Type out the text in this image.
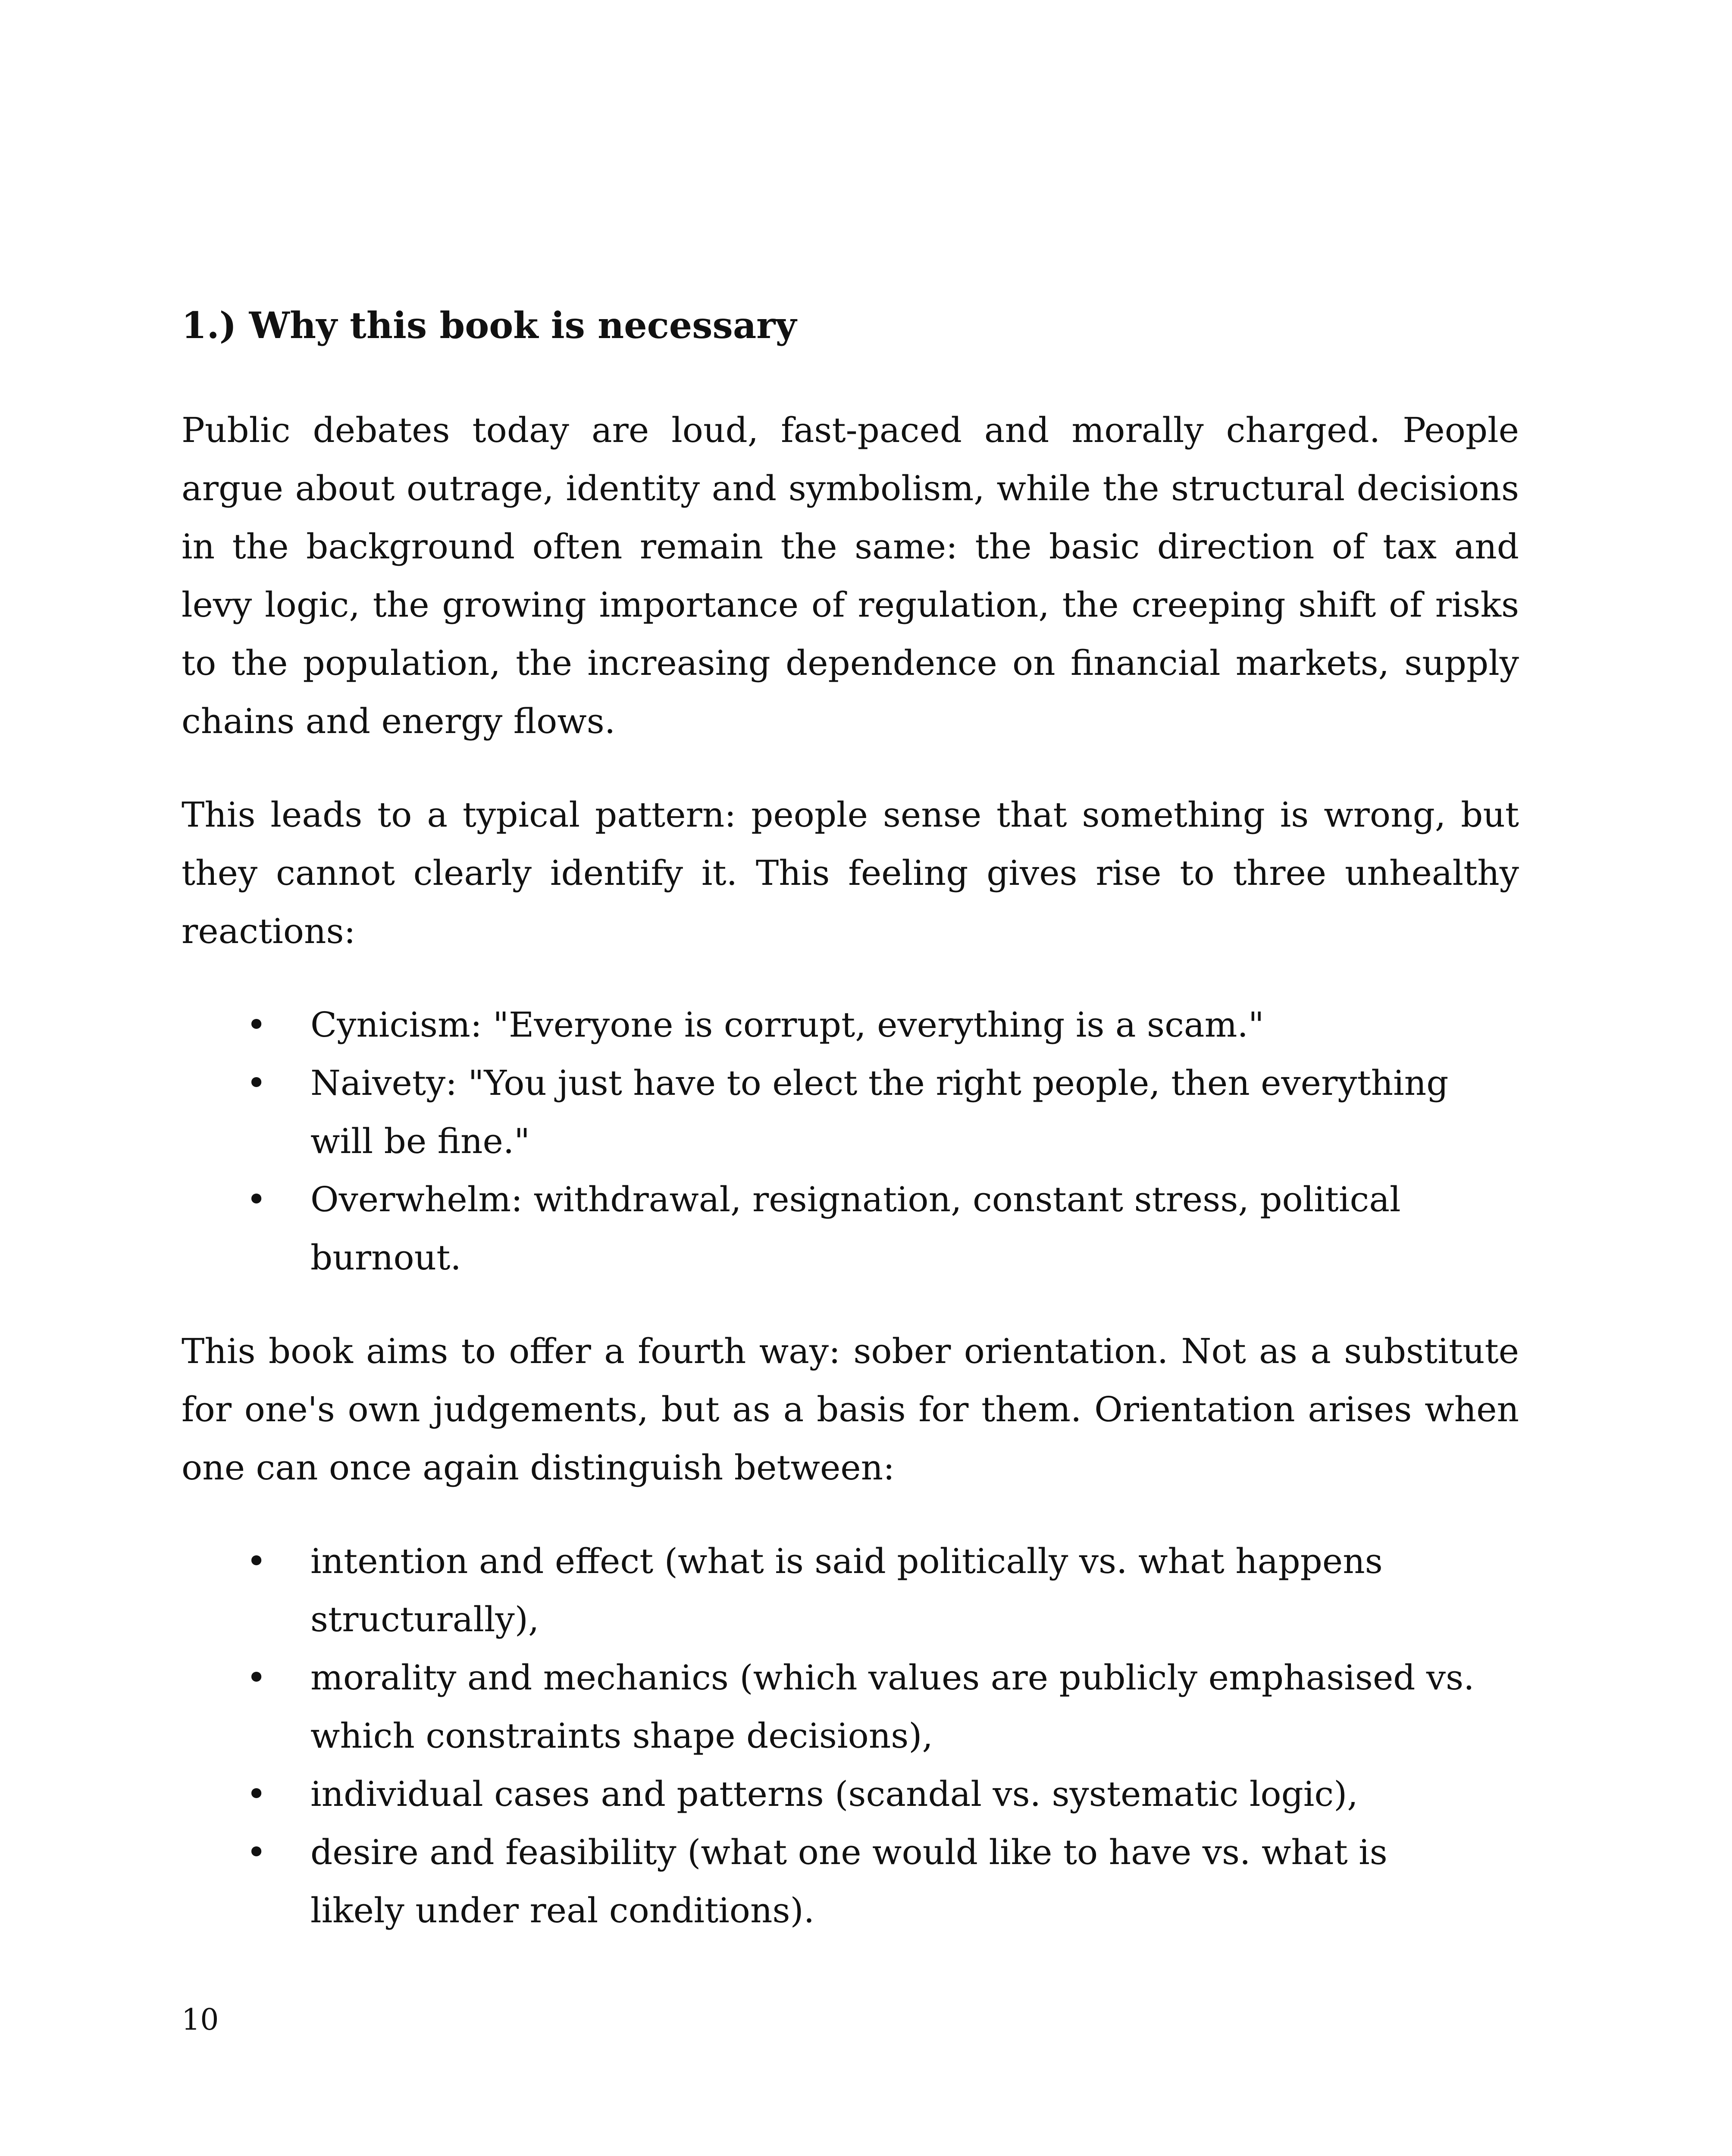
1.) Why this book is necessary

Public debates today are loud, fast-paced and morally charged. People argue about outrage, identity and symbolism, while the structural decisions in the background often remain the same: the basic direction of tax and levy logic, the growing importance of regulation, the creeping shift of risks to the population, the increasing dependence on financial markets, supply chains and energy flows.

This leads to a typical pattern: people sense that something is wrong, but they cannot clearly identify it. This feeling gives rise to three unhealthy reactions:

•	Cynicism: "Everyone is corrupt, everything is a scam."
•	Naivety: "You just have to elect the right people, then everything will be fine."
•	Overwhelm: withdrawal, resignation, constant stress, political burnout.

This book aims to offer a fourth way: sober orientation. Not as a substitute for one's own judgements, but as a basis for them. Orientation arises when one can once again distinguish between:

•	intention and effect (what is said politically vs. what happens structurally),
•	morality and mechanics (which values are publicly emphasised vs. which constraints shape decisions),
•	individual cases and patterns (scandal vs. systematic logic),
•	desire and feasibility (what one would like to have vs. what is likely under real conditions).
10
